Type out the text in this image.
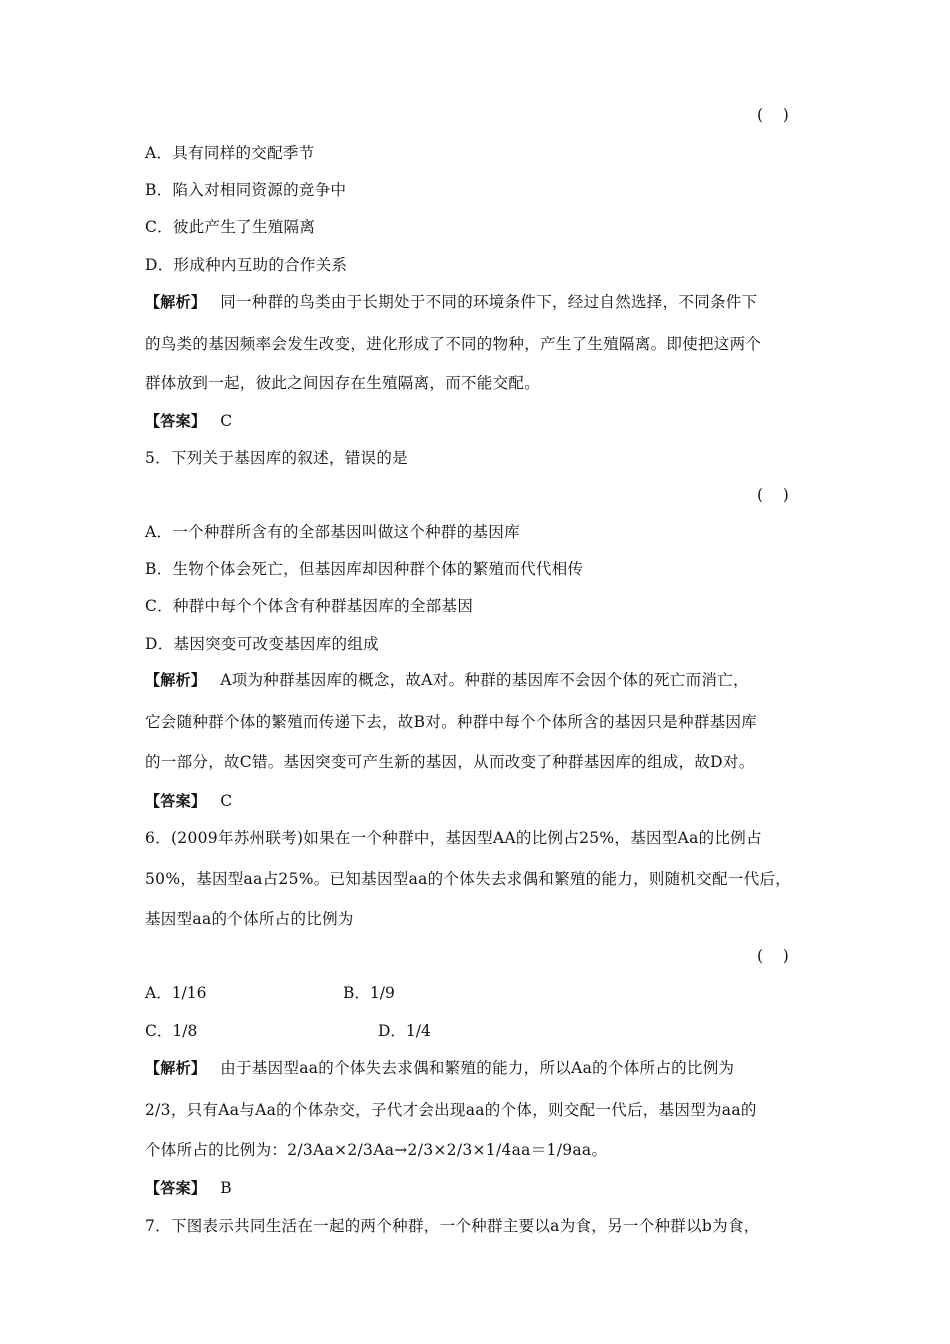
(    )
A．具有同样的交配季节
B．陷入对相同资源的竞争中
C．彼此产生了生殖隔离
D．形成种内互助的合作关系
【解析】 同一种群的鸟类由于长期处于不同的环境条件下，经过自然选择，不同条件下
的鸟类的基因频率会发生改变，进化形成了不同的物种，产生了生殖隔离。即使把这两个
群体放到一起，彼此之间因存在生殖隔离，而不能交配。
【答案】 C
5．下列关于基因库的叙述，错误的是
(    )
A．一个种群所含有的全部基因叫做这个种群的基因库
B．生物个体会死亡，但基因库却因种群个体的繁殖而代代相传
C．种群中每个个体含有种群基因库的全部基因
D．基因突变可改变基因库的组成
【解析】 A项为种群基因库的概念，故A对。种群的基因库不会因个体的死亡而消亡，
它会随种群个体的繁殖而传递下去，故B对。种群中每个个体所含的基因只是种群基因库
的一部分，故C错。基因突变可产生新的基因，从而改变了种群基因库的组成，故D对。
【答案】 C
6．(2009年苏州联考)如果在一个种群中，基因型AA的比例占25%，基因型Aa的比例占
50%，基因型aa占25%。已知基因型aa的个体失去求偶和繁殖的能力，则随机交配一代后，
基因型aa的个体所占的比例为
(    )
A．1/16	B．1/9
C．1/8	D．1/4
【解析】 由于基因型aa的个体失去求偶和繁殖的能力，所以Aa的个体所占的比例为
2/3，只有Aa与Aa的个体杂交，子代才会出现aa的个体，则交配一代后，基因型为aa的
个体所占的比例为：2/3Aa×2/3Aa→2/3×2/3×1/4aa＝1/9aa。
【答案】 B
7．下图表示共同生活在一起的两个种群，一个种群主要以a为食，另一个种群以b为食，
